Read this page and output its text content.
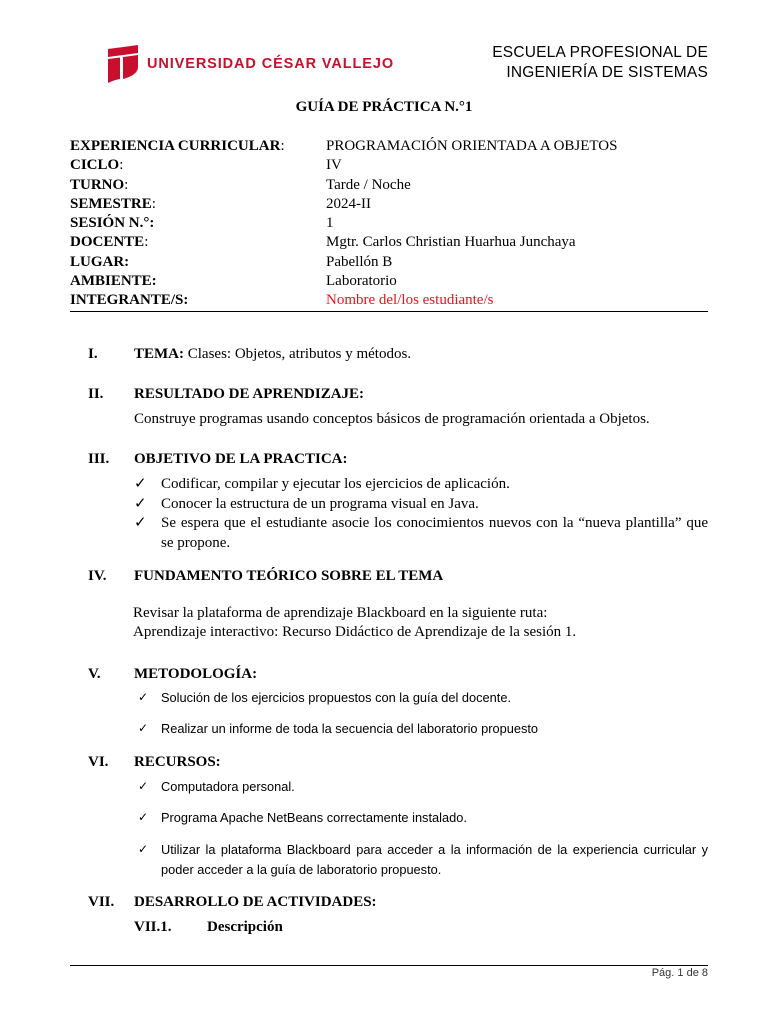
UNIVERSIDAD CÉSAR VALLEJO
ESCUELA PROFESIONAL DE
INGENIERÍA DE SISTEMAS
GUÍA DE PRÁCTICA N.°1
EXPERIENCIA CURRICULAR:	PROGRAMACIÓN ORIENTADA A OBJETOS
CICLO:	IV
TURNO:	Tarde / Noche
SEMESTRE:	2024-II
SESIÓN N.°:	1
DOCENTE:	Mgtr. Carlos Christian Huarhua Junchaya
LUGAR:	Pabellón B
AMBIENTE:	Laboratorio
INTEGRANTE/S:	Nombre del/los estudiante/s
I. TEMA: Clases: Objetos, atributos y métodos.
II. RESULTADO DE APRENDIZAJE:
Construye programas usando conceptos básicos de programación orientada a Objetos.
III. OBJETIVO DE LA PRACTICA:
✓ Codificar, compilar y ejecutar los ejercicios de aplicación.
✓ Conocer la estructura de un programa visual en Java.
✓ Se espera que el estudiante asocie los conocimientos nuevos con la “nueva plantilla” que se propone.
IV. FUNDAMENTO TEÓRICO SOBRE EL TEMA
Revisar la plataforma de aprendizaje Blackboard en la siguiente ruta:
Aprendizaje interactivo: Recurso Didáctico de Aprendizaje de la sesión 1.
V. METODOLOGÍA:
✓ Solución de los ejercicios propuestos con la guía del docente.
✓ Realizar un informe de toda la secuencia del laboratorio propuesto
VI. RECURSOS:
✓ Computadora personal.
✓ Programa Apache NetBeans correctamente instalado.
✓ Utilizar la plataforma Blackboard para acceder a la información de la experiencia curricular y poder acceder a la guía de laboratorio propuesto.
VII. DESARROLLO DE ACTIVIDADES:
VII.1. Descripción
Pág. 1 de 8
